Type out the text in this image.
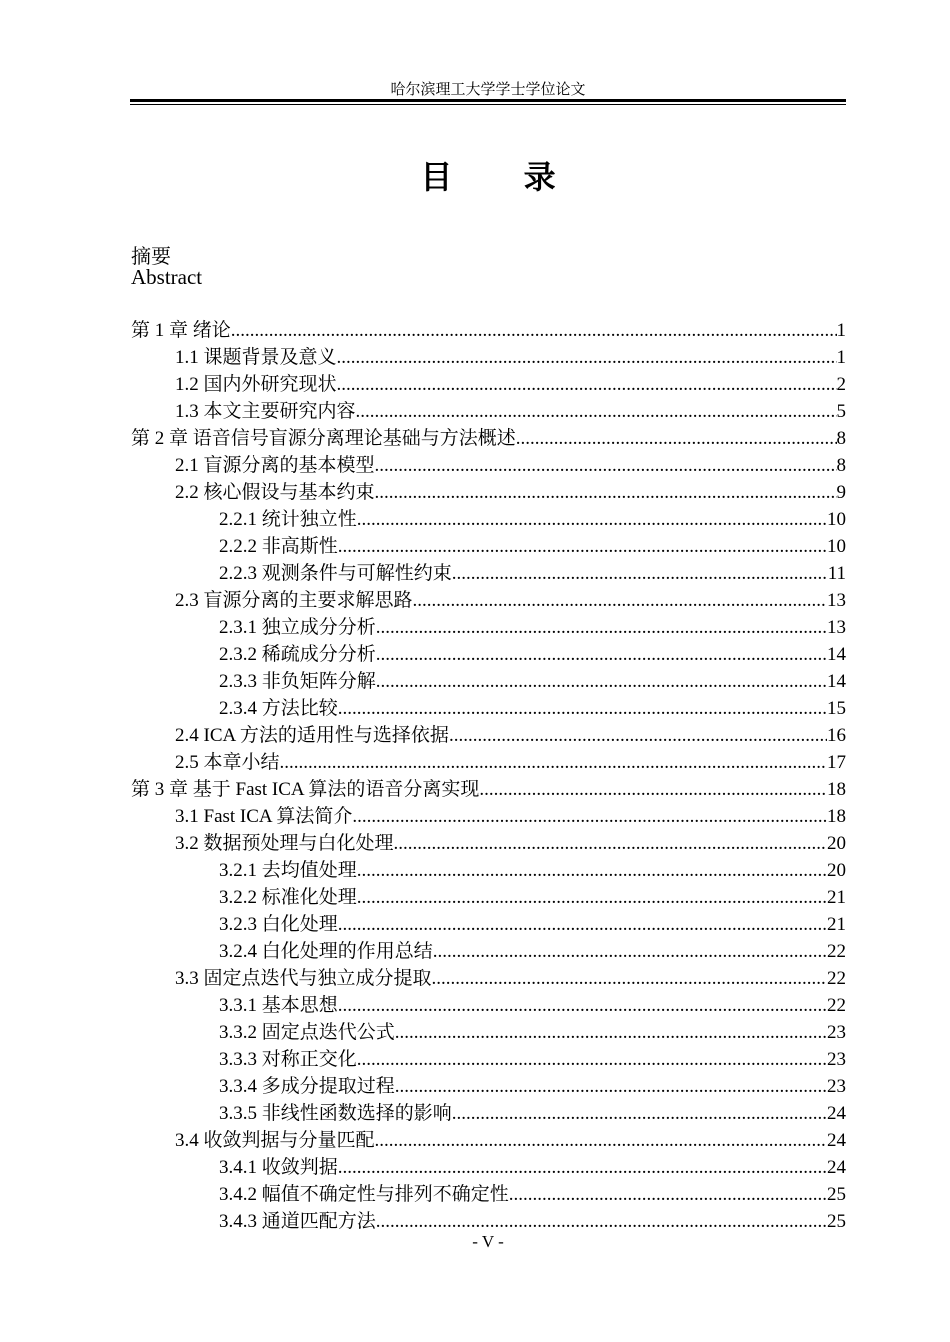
哈尔滨理工大学学士学位论文
目 录
摘要
Abstract
第 1 章 绪论 .....	1
1.1 课题背景及意义 .....	1
1.2 国内外研究现状 .....	2
1.3 本文主要研究内容 .....	5
第 2 章 语音信号盲源分离理论基础与方法概述 .....	8
2.1 盲源分离的基本模型 .....	8
2.2 核心假设与基本约束 .....	9
2.2.1 统计独立性 .....	10
2.2.2 非高斯性 .....	10
2.2.3 观测条件与可解性约束 .....	11
2.3 盲源分离的主要求解思路 .....	13
2.3.1 独立成分分析 .....	13
2.3.2 稀疏成分分析 .....	14
2.3.3 非负矩阵分解 .....	14
2.3.4 方法比较 .....	15
2.4 ICA 方法的适用性与选择依据 .....	16
2.5 本章小结 .....	17
第 3 章 基于 Fast ICA 算法的语音分离实现 .....	18
3.1 Fast ICA 算法简介 .....	18
3.2 数据预处理与白化处理 .....	20
3.2.1 去均值处理 .....	20
3.2.2 标准化处理 .....	21
3.2.3 白化处理 .....	21
3.2.4 白化处理的作用总结 .....	22
3.3 固定点迭代与独立成分提取 .....	22
3.3.1 基本思想 .....	22
3.3.2 固定点迭代公式 .....	23
3.3.3 对称正交化 .....	23
3.3.4 多成分提取过程 .....	23
3.3.5 非线性函数选择的影响 .....	24
3.4 收敛判据与分量匹配 .....	24
3.4.1 收敛判据 .....	24
3.4.2 幅值不确定性与排列不确定性 .....	25
3.4.3 通道匹配方法 .....	25
- V -
